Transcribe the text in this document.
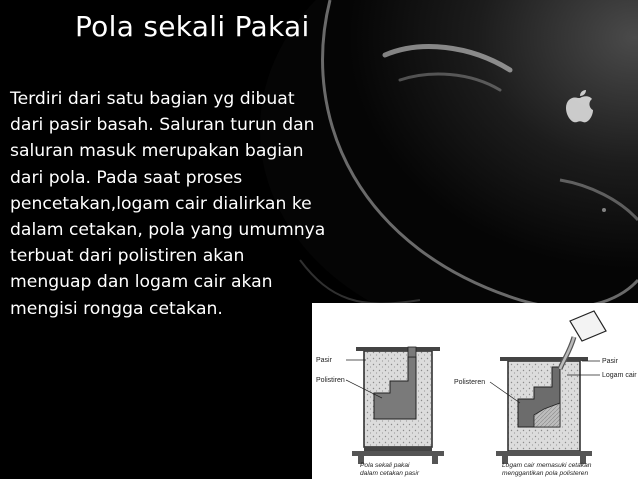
Pola sekali Pakai
Terdiri dari satu bagian yg dibuat
dari pasir basah. Saluran turun dan
saluran masuk merupakan bagian
dari pola. Pada saat proses
pencetakan,logam cair dialirkan ke
dalam cetakan, pola yang umumnya
terbuat dari polistiren akan
menguap dan logam cair akan
mengisi rongga cetakan.
Pasir
Polistiren
Pola sekali pakai
dalam cetakan pasir
Polisteren
Pasir
Logam cair
Logam cair memasuki cetakan
menggantikan pola polisteren
